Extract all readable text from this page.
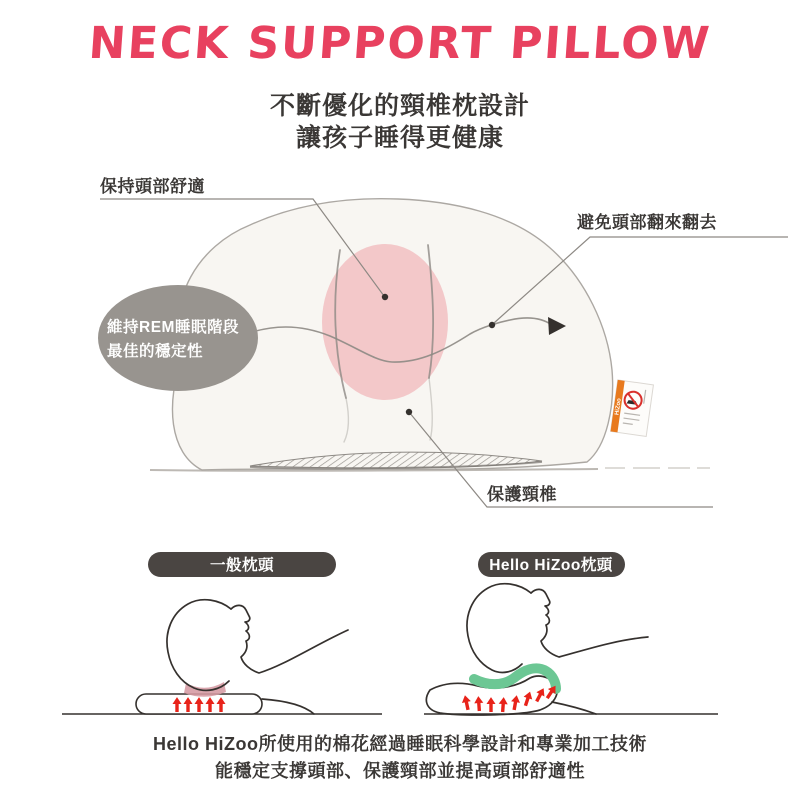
NECK SUPPORT PILLOW
不斷優化的頸椎枕設計
讓孩子睡得更健康
HiZoo
保持頭部舒適
避免頭部翻來翻去
保護頸椎
維持REM睡眠階段
最佳的穩定性
一般枕頭	Hello HiZoo枕頭
Hello HiZoo所使用的棉花經過睡眠科學設計和專業加工技術
能穩定支撐頭部、保護頸部並提高頭部舒適性
